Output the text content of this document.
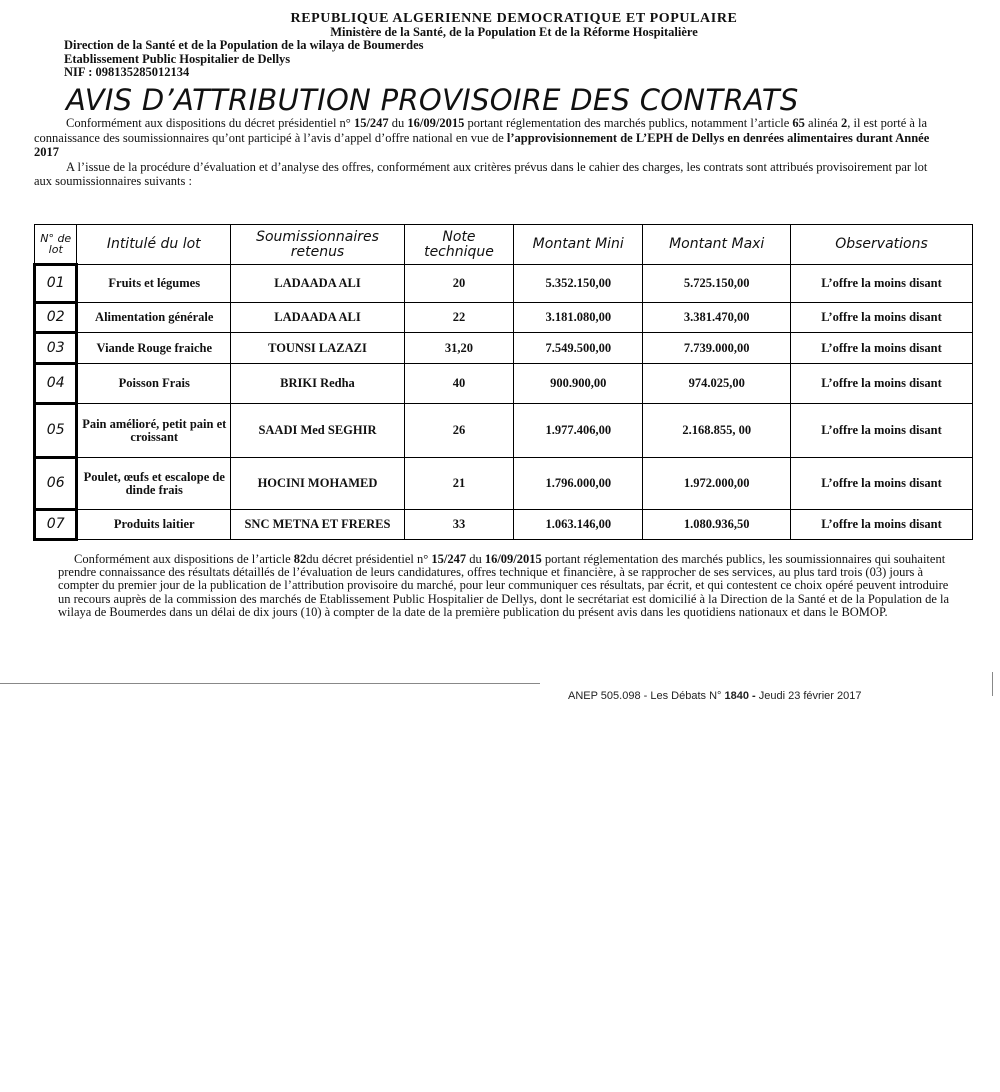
REPUBLIQUE ALGERIENNE DEMOCRATIQUE ET POPULAIRE
Ministère de la Santé, de la Population Et de la Réforme Hospitalière
Direction de la Santé et de la Population de la wilaya de Boumerdes
Etablissement Public Hospitalier de Dellys
NIF : 098135285012134
AVIS D’ATTRIBUTION PROVISOIRE DES CONTRATS

Conformément aux dispositions du décret présidentiel n° 15/247 du 16/09/2015 portant réglementation des marchés publics, notamment l’article 65 alinéa 2, il est porté à la connaissance des soumissionnaires qu’ont participé à l’avis d’appel d’offre national en vue de l’approvisionnement de L’EPH de Dellys en denrées alimentaires durant Année 2017

A l’issue de la procédure d’évaluation et d’analyse des offres, conformément aux critères prévus dans le cahier des charges, les contrats sont attribués provisoirement par lot aux soumissionnaires suivants :

N° de lot	Intitulé du lot	Soumissionnaires retenus	Note technique	Montant Mini	Montant Maxi	Observations
01	Fruits et légumes	LADAADA ALI	20	5.352.150,00	5.725.150,00	L’offre la moins disant
02	Alimentation générale	LADAADA ALI	22	3.181.080,00	3.381.470,00	L’offre la moins disant
03	Viande Rouge fraiche	TOUNSI LAZAZI	31,20	7.549.500,00	7.739.000,00	L’offre la moins disant
04	Poisson Frais	BRIKI Redha	40	900.900,00	974.025,00	L’offre la moins disant
05	Pain amélioré, petit pain et croissant	SAADI Med SEGHIR	26	1.977.406,00	2.168.855, 00	L’offre la moins disant
06	Poulet, œufs et escalope de dinde frais	HOCINI MOHAMED	21	1.796.000,00	1.972.000,00	L’offre la moins disant
07	Produits laitier	SNC METNA ET FRERES	33	1.063.146,00	1.080.936,50	L’offre la moins disant

Conformément aux dispositions de l’article 82du décret présidentiel n° 15/247 du 16/09/2015 portant réglementation des marchés publics, les soumissionnaires qui souhaitent prendre connaissance des résultats détaillés de l’évaluation de leurs candidatures, offres technique et financière, à se rapprocher de ses services, au plus tard trois (03) jours à compter du premier jour de la publication de l’attribution provisoire du marché, pour leur communiquer ces résultats, par écrit, et qui contestent ce choix opéré peuvent introduire un recours auprès de la commission des marchés de Etablissement Public Hospitalier de Dellys, dont le secrétariat est domicilié à la Direction de la Santé et de la Population de la wilaya de Boumerdes dans un délai de dix jours (10) à compter de la date de la première publication du présent avis dans les quotidiens nationaux et dans le BOMOP.

ANEP 505.098 - Les Débats N° 1840 - Jeudi 23 février 2017
